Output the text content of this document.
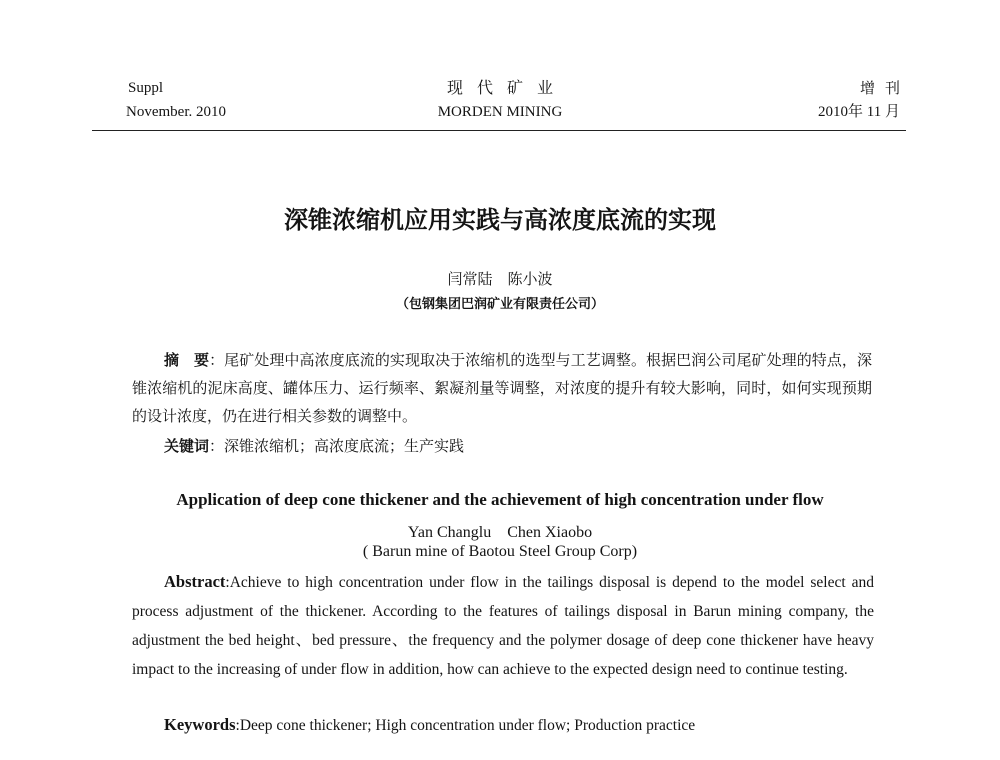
Suppl
November. 2010
现代矿业
MORDEN MINING
增刊
2010年 11 月
深锥浓缩机应用实践与高浓度底流的实现
闫常陆　陈小波
（包钢集团巴润矿业有限责任公司）
摘　要：尾矿处理中高浓度底流的实现取决于浓缩机的选型与工艺调整。根据巴润公司尾矿处理的特点，深锥浓缩机的泥床高度、罐体压力、运行频率、絮凝剂量等调整，对浓度的提升有较大影响，同时，如何实现预期的设计浓度，仍在进行相关参数的调整中。
关键词：深锥浓缩机；高浓度底流；生产实践
Application of deep cone thickener and the achievement of high concentration under flow
Yan Changlu　Chen Xiaobo
( Barun mine of Baotou Steel Group Corp)
Abstract:Achieve to high concentration under flow in the tailings disposal is depend to the model select and process adjustment of the thickener. According to the features of tailings disposal in Barun mining company, the adjustment the bed height、bed pressure、the frequency and the polymer dosage of deep cone thickener have heavy impact to the increasing of under flow in addition, how can achieve to the expected design need to continue testing.
Keywords:Deep cone thickener; High concentration under flow; Production practice
